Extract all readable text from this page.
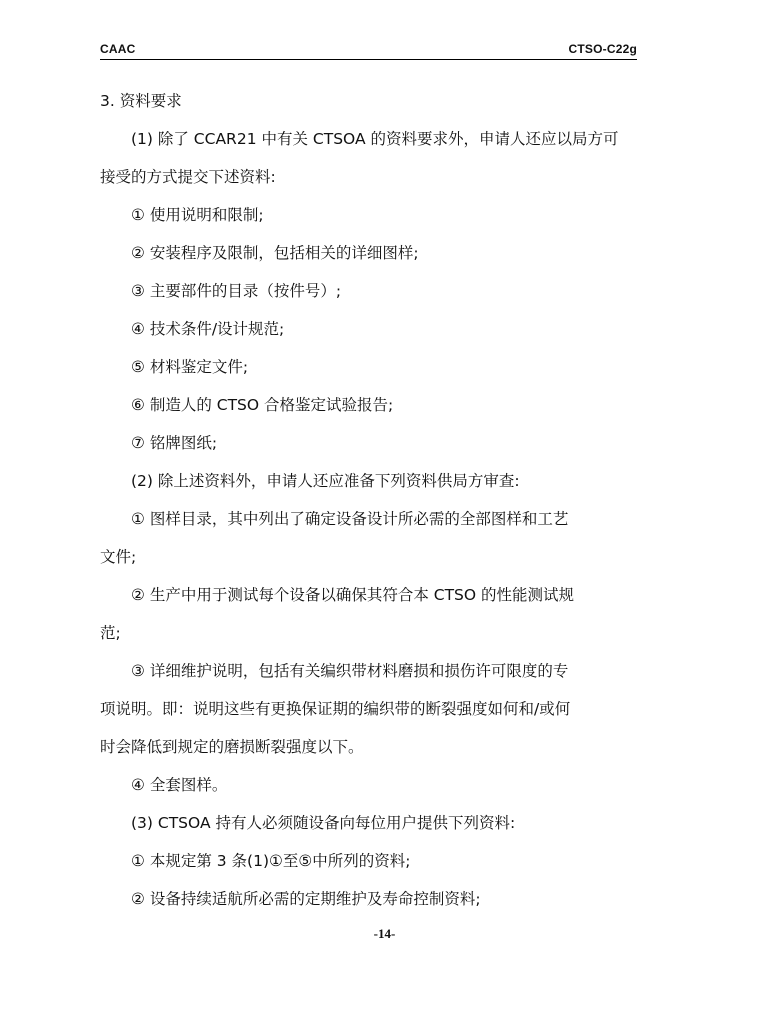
CAAC	CTSO-C22g
3. 资料要求
(1) 除了 CCAR21 中有关 CTSOA 的资料要求外，申请人还应以局方可
接受的方式提交下述资料:
① 使用说明和限制;
② 安装程序及限制，包括相关的详细图样;
③ 主要部件的目录（按件号）;
④ 技术条件/设计规范;
⑤ 材料鉴定文件;
⑥ 制造人的 CTSO 合格鉴定试验报告;
⑦ 铭牌图纸;
(2) 除上述资料外，申请人还应准备下列资料供局方审查:
① 图样目录，其中列出了确定设备设计所必需的全部图样和工艺
文件;
② 生产中用于测试每个设备以确保其符合本 CTSO 的性能测试规
范;
③ 详细维护说明，包括有关编织带材料磨损和损伤许可限度的专
项说明。即：说明这些有更换保证期的编织带的断裂强度如何和/或何
时会降低到规定的磨损断裂强度以下。
④ 全套图样。
(3) CTSOA 持有人必须随设备向每位用户提供下列资料:
① 本规定第 3 条(1)①至⑤中所列的资料;
② 设备持续适航所必需的定期维护及寿命控制资料;
-14-
